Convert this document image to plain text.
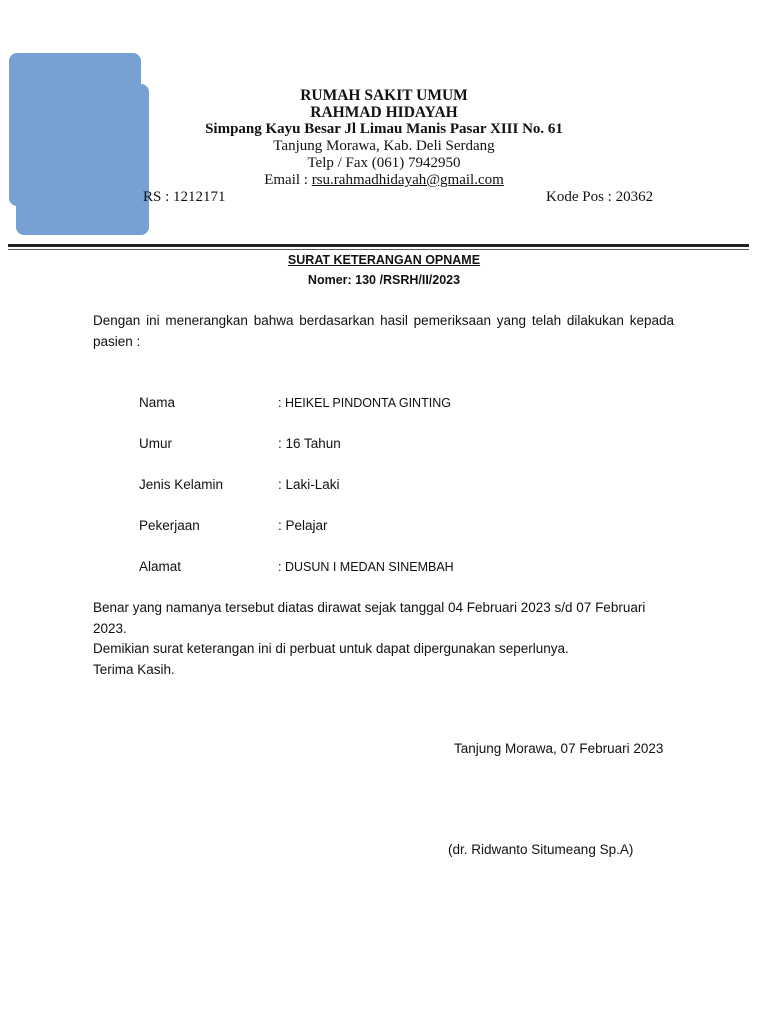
RUMAH SAKIT UMUM
RAHMAD HIDAYAH
Simpang Kayu Besar Jl Limau Manis Pasar XIII No. 61
Tanjung Morawa, Kab. Deli Serdang
Telp / Fax (061) 7942950
Email : rsu.rahmadhidayah@gmail.com
RS : 1212171	Kode Pos : 20362
SURAT KETERANGAN OPNAME
Nomer: 130 /RSRH/II/2023
Dengan ini menerangkan bahwa berdasarkan hasil pemeriksaan yang telah dilakukan kepada pasien :
Nama	: HEIKEL PINDONTA GINTING
Umur	: 16 Tahun
Jenis Kelamin	: Laki-Laki
Pekerjaan	: Pelajar
Alamat	: DUSUN I MEDAN SINEMBAH
Benar yang namanya tersebut diatas dirawat sejak tanggal 04 Februari 2023 s/d 07 Februari 2023.
Demikian surat keterangan ini di perbuat untuk dapat dipergunakan seperlunya.
Terima Kasih.
Tanjung Morawa, 07 Februari 2023
(dr. Ridwanto Situmeang Sp.A)
